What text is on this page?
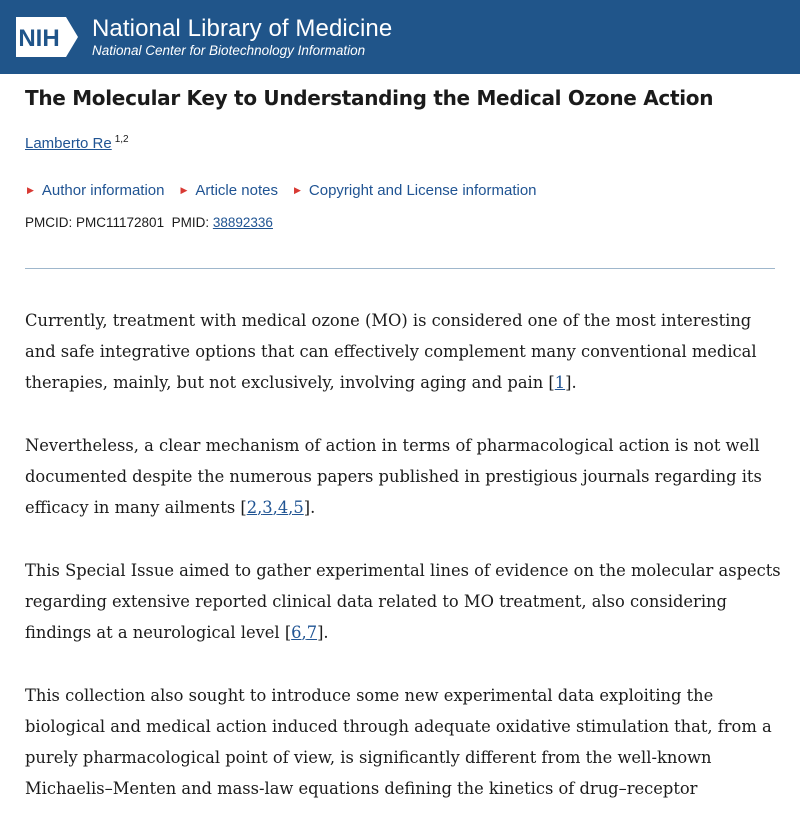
NIH National Library of Medicine
National Center for Biotechnology Information
The Molecular Key to Understanding the Medical Ozone Action
Lamberto Re $^{1,2}$
▶ Author information ▶ Article notes ▶ Copyright and License information
PMCID: PMC11172801 PMID: 38892336

Currently, treatment with medical ozone (MO) is considered one of the most interesting and safe integrative options that can effectively complement many conventional medical therapies, mainly, but not exclusively, involving aging and pain [1].

Nevertheless, a clear mechanism of action in terms of pharmacological action is not well documented despite the numerous papers published in prestigious journals regarding its efficacy in many ailments [2,3,4,5].

This Special Issue aimed to gather experimental lines of evidence on the molecular aspects regarding extensive reported clinical data related to MO treatment, also considering findings at a neurological level [6,7].

This collection also sought to introduce some new experimental data exploiting the biological and medical action induced through adequate oxidative stimulation that, from a purely pharmacological point of view, is significantly different from the well-known Michaelis–Menten and mass-law equations defining the kinetics of drug–receptor
